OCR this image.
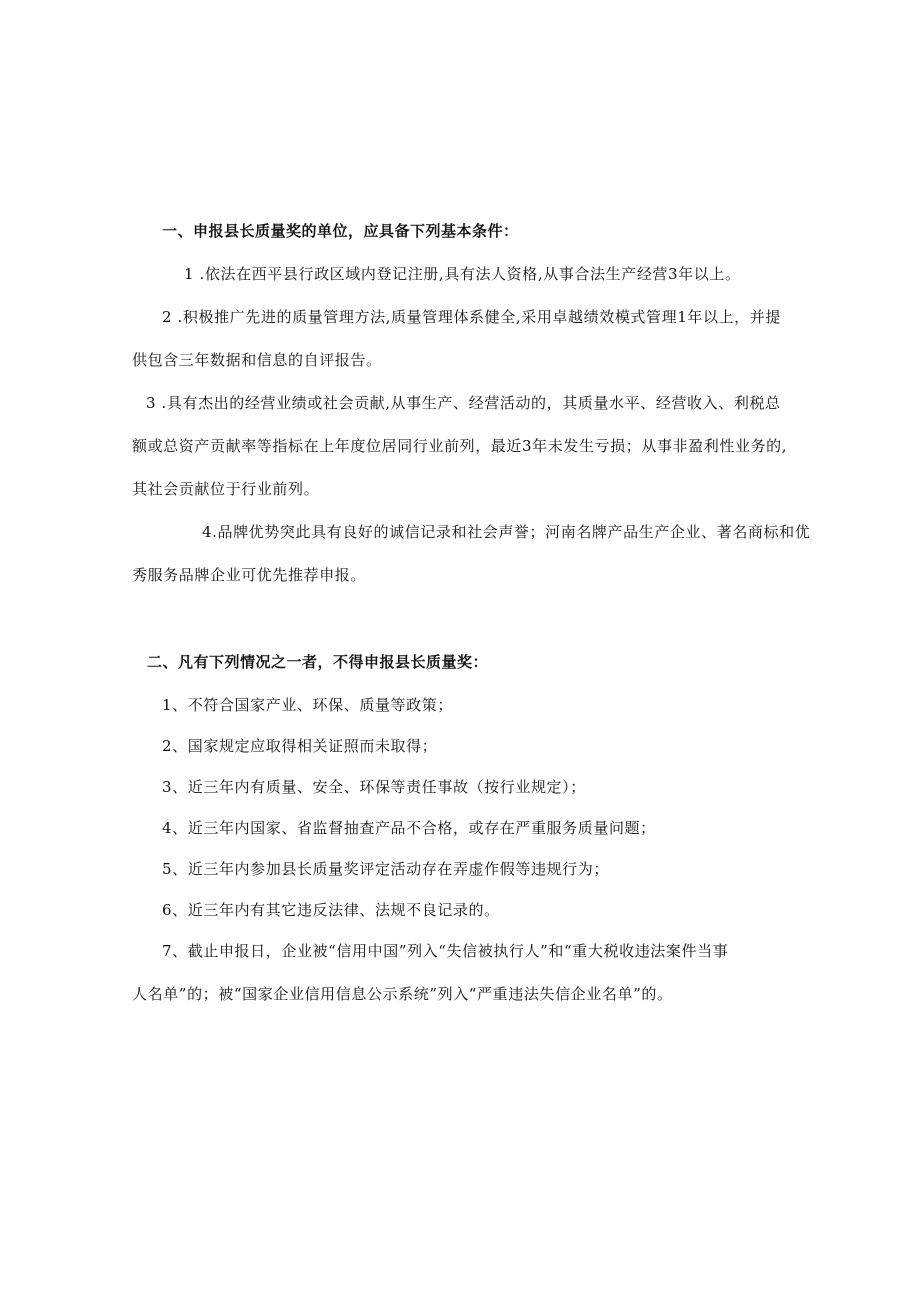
一、申报县长质量奖的单位，应具备下列基本条件：
1 .依法在西平县行政区域内登记注册,具有法人资格,从事合法生产经营3年以上。
2 .积极推广先进的质量管理方法,质量管理体系健全,采用卓越绩效模式管理1年以上，并提
供包含三年数据和信息的自评报告。
3 .具有杰出的经营业绩或社会贡献,从事生产、经营活动的，其质量水平、经营收入、利税总
额或总资产贡献率等指标在上年度位居同行业前列，最近3年未发生亏损；从事非盈利性业务的,
其社会贡献位于行业前列。
4.品牌优势突此具有良好的诚信记录和社会声誉；河南名牌产品生产企业、著名商标和优
秀服务品牌企业可优先推荐申报。
二、凡有下列情况之一者，不得申报县长质量奖：
1、不符合国家产业、环保、质量等政策；
2、国家规定应取得相关证照而未取得；
3、近三年内有质量、安全、环保等责任事故（按行业规定）；
4、近三年内国家、省监督抽查产品不合格，或存在严重服务质量问题；
5、近三年内参加县长质量奖评定活动存在弄虚作假等违规行为；
6、近三年内有其它违反法律、法规不良记录的。
7、截止申报日，企业被“信用中国”列入“失信被执行人”和“重大税收违法案件当事
人名单”的；被“国家企业信用信息公示系统”列入“严重违法失信企业名单”的。
